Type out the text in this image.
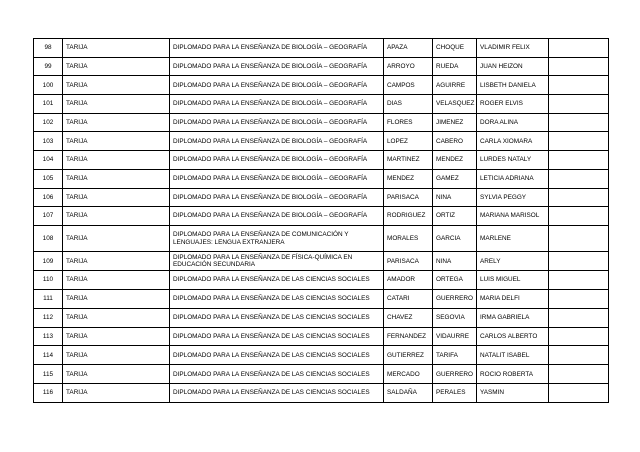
98	TARIJA	DIPLOMADO PARA LA ENSEÑANZA DE BIOLOGÍA – GEOGRAFÍA	APAZA	CHOQUE	VLADIMIR FELIX	
99	TARIJA	DIPLOMADO PARA LA ENSEÑANZA DE BIOLOGÍA – GEOGRAFÍA	ARROYO	RUEDA	JUAN HEIZON	
100	TARIJA	DIPLOMADO PARA LA ENSEÑANZA DE BIOLOGÍA – GEOGRAFÍA	CAMPOS	AGUIRRE	LISBETH DANIELA	
101	TARIJA	DIPLOMADO PARA LA ENSEÑANZA DE BIOLOGÍA – GEOGRAFÍA	DIAS	VELASQUEZ	ROGER ELVIS	
102	TARIJA	DIPLOMADO PARA LA ENSEÑANZA DE BIOLOGÍA – GEOGRAFÍA	FLORES	JIMENEZ	DORA ALINA	
103	TARIJA	DIPLOMADO PARA LA ENSEÑANZA DE BIOLOGÍA – GEOGRAFÍA	LOPEZ	CABERO	CARLA XIOMARA	
104	TARIJA	DIPLOMADO PARA LA ENSEÑANZA DE BIOLOGÍA – GEOGRAFÍA	MARTINEZ	MENDEZ	LURDES NATALY	
105	TARIJA	DIPLOMADO PARA LA ENSEÑANZA DE BIOLOGÍA – GEOGRAFÍA	MENDEZ	GAMEZ	LETICIA ADRIANA	
106	TARIJA	DIPLOMADO PARA LA ENSEÑANZA DE BIOLOGÍA – GEOGRAFÍA	PARISACA	NINA	SYLVIA PEGGY	
107	TARIJA	DIPLOMADO PARA LA ENSEÑANZA DE BIOLOGÍA – GEOGRAFÍA	RODRIGUEZ	ORTIZ	MARIANA MARISOL	
108	TARIJA	DIPLOMADO PARA LA ENSEÑANZA DE COMUNICACIÓN Y LENGUAJES: LENGUA EXTRANJERA	MORALES	GARCIA	MARLENE	
109	TARIJA	DIPLOMADO PARA LA ENSEÑANZA DE FÍSICA-QUÍMICA EN EDUCACIÓN SECUNDARIA	PARISACA	NINA	ARELY	
110	TARIJA	DIPLOMADO PARA LA ENSEÑANZA DE LAS CIENCIAS SOCIALES	AMADOR	ORTEGA	LUIS MIGUEL	
111	TARIJA	DIPLOMADO PARA LA ENSEÑANZA DE LAS CIENCIAS SOCIALES	CATARI	GUERRERO	MARIA DELFI	
112	TARIJA	DIPLOMADO PARA LA ENSEÑANZA DE LAS CIENCIAS SOCIALES	CHAVEZ	SEGOVIA	IRMA GABRIELA	
113	TARIJA	DIPLOMADO PARA LA ENSEÑANZA DE LAS CIENCIAS SOCIALES	FERNANDEZ	VIDAURRE	CARLOS ALBERTO	
114	TARIJA	DIPLOMADO PARA LA ENSEÑANZA DE LAS CIENCIAS SOCIALES	GUTIERREZ	TARIFA	NATALIT ISABEL	
115	TARIJA	DIPLOMADO PARA LA ENSEÑANZA DE LAS CIENCIAS SOCIALES	MERCADO	GUERRERO	ROCIO ROBERTA	
116	TARIJA	DIPLOMADO PARA LA ENSEÑANZA DE LAS CIENCIAS SOCIALES	SALDAÑA	PERALES	YASMIN	
